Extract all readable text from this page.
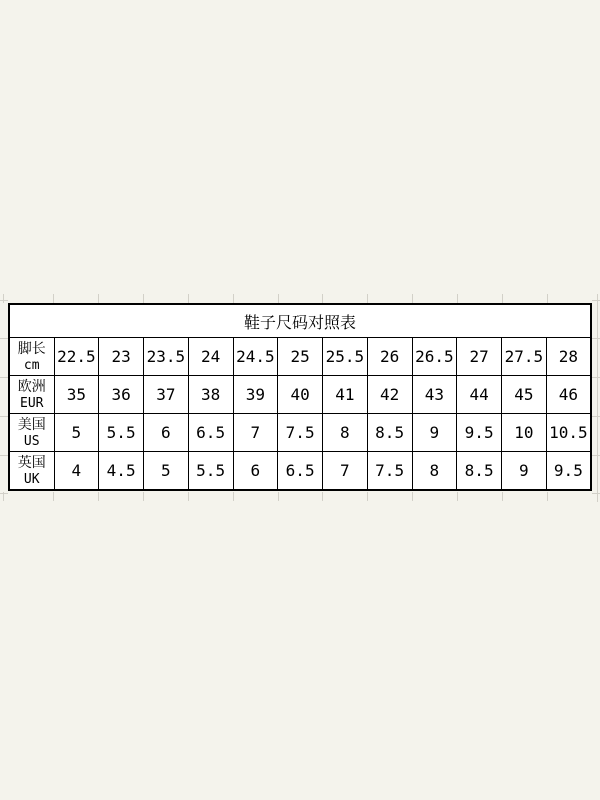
鞋子尺码对照表												

脚长
cm	22.5	23	23.5	24	24.5	25	25.5	26	26.5	27	27.5	28

欧洲
EUR	35	36	37	38	39	40	41	42	43	44	45	46

美国
US	5	5.5	6	6.5	7	7.5	8	8.5	9	9.5	10	10.5

英国
UK	4	4.5	5	5.5	6	6.5	7	7.5	8	8.5	9	9.5
